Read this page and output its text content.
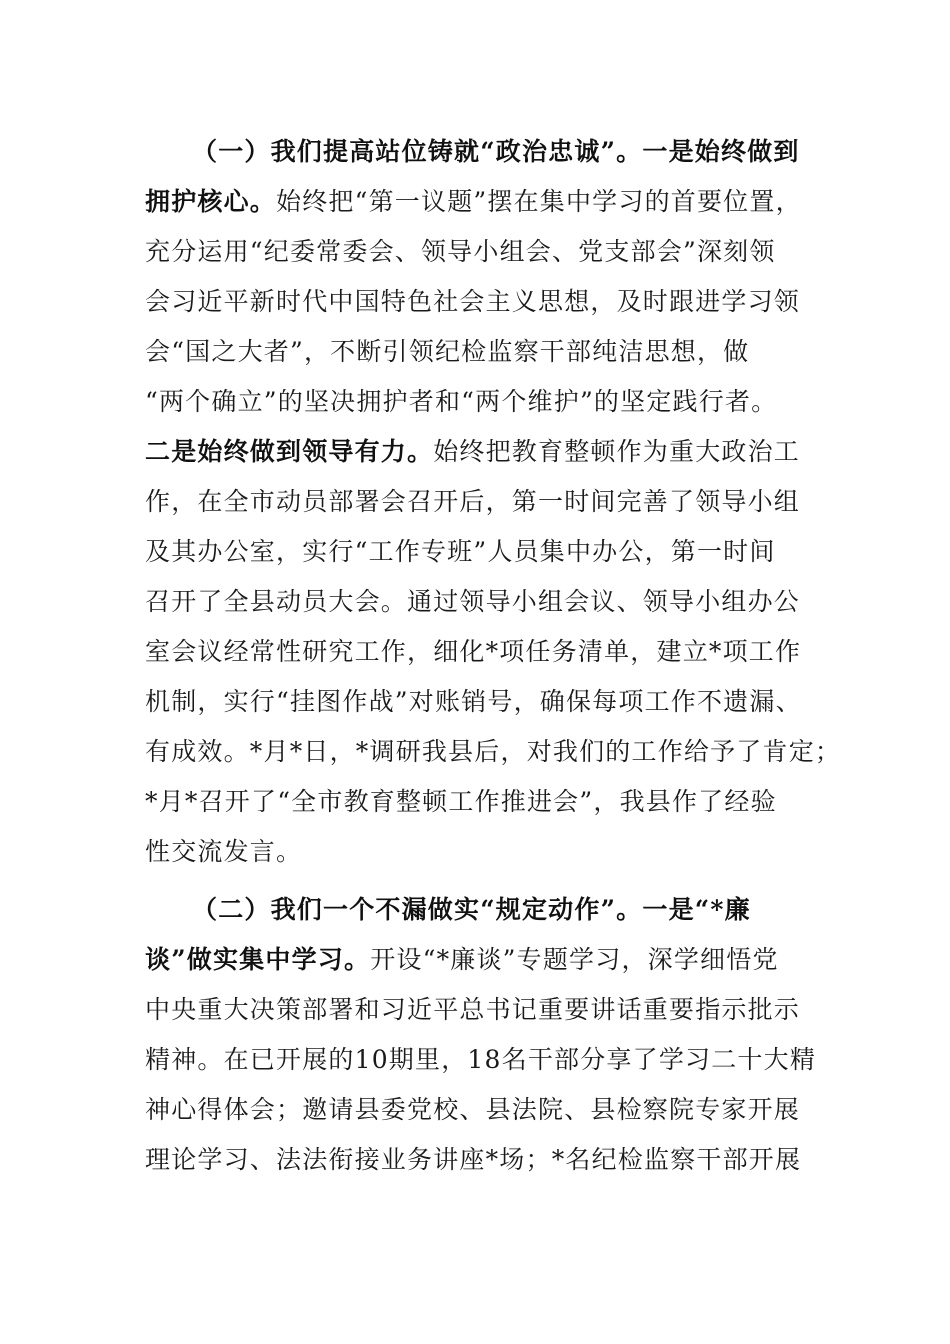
（一）我们提高站位铸就“政治忠诚”。一是始终做到
拥护核心。始终把“第一议题”摆在集中学习的首要位置，
充分运用“纪委常委会、领导小组会、党支部会”深刻领
会习近平新时代中国特色社会主义思想，及时跟进学习领
会“国之大者”，不断引领纪检监察干部纯洁思想，做
“两个确立”的坚决拥护者和“两个维护”的坚定践行者。
二是始终做到领导有力。始终把教育整顿作为重大政治工
作，在全市动员部署会召开后，第一时间完善了领导小组
及其办公室，实行“工作专班”人员集中办公，第一时间
召开了全县动员大会。通过领导小组会议、领导小组办公
室会议经常性研究工作，细化*项任务清单，建立*项工作
机制，实行“挂图作战”对账销号，确保每项工作不遗漏、
有成效。*月*日，*调研我县后，对我们的工作给予了肯定；
*月*召开了“全市教育整顿工作推进会”，我县作了经验
性交流发言。
（二）我们一个不漏做实“规定动作”。一是“*廉
谈”做实集中学习。开设“*廉谈”专题学习，深学细悟党
中央重大决策部署和习近平总书记重要讲话重要指示批示
精神。在已开展的10期里，18名干部分享了学习二十大精
神心得体会；邀请县委党校、县法院、县检察院专家开展
理论学习、法法衔接业务讲座*场；*名纪检监察干部开展
